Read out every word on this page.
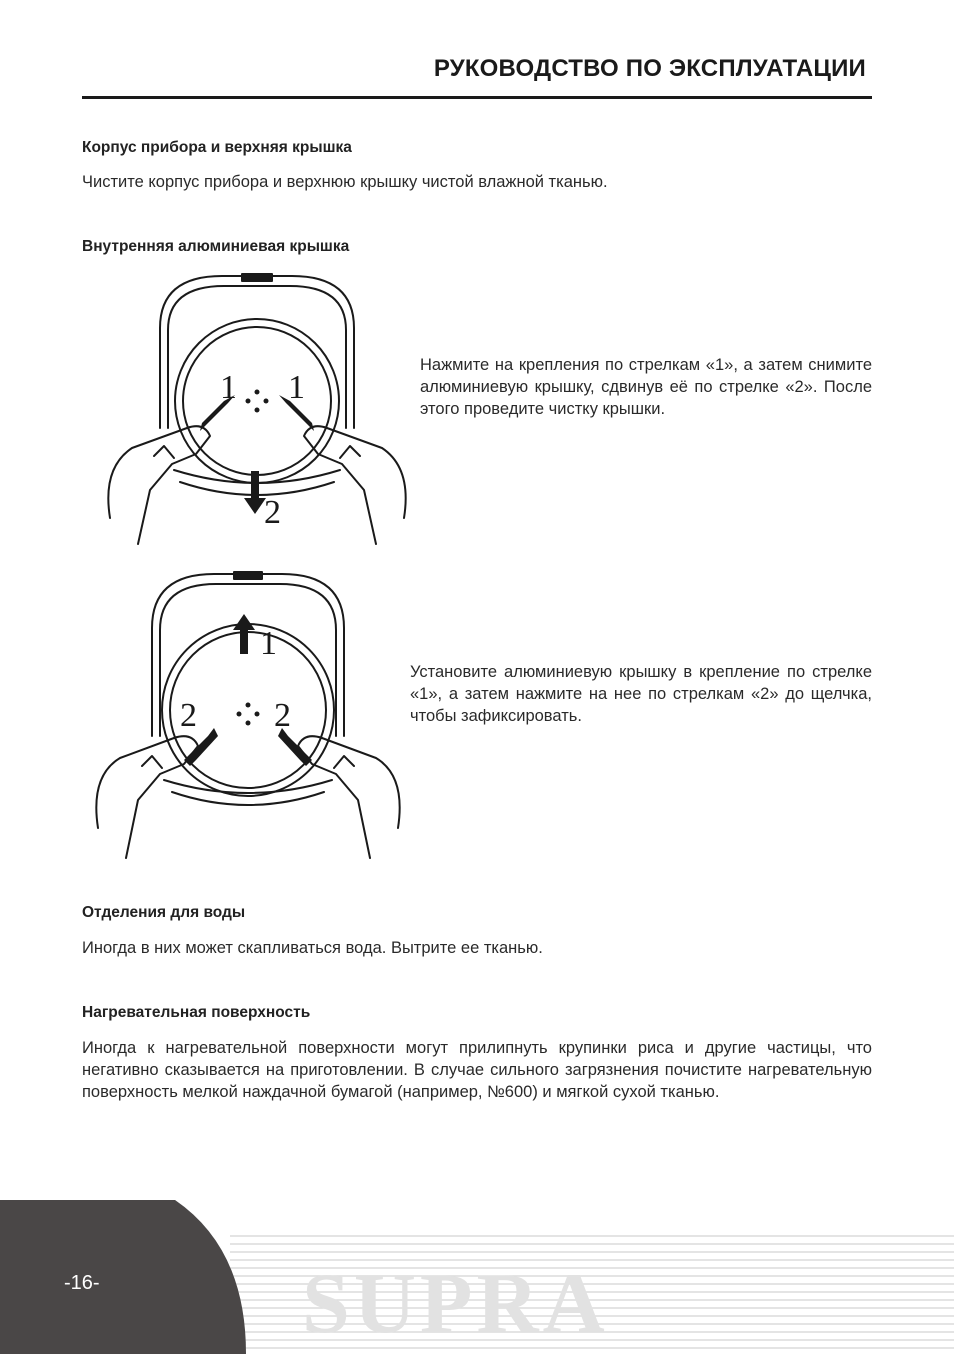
РУКОВОДСТВО ПО ЭКСПЛУАТАЦИИ
Корпус прибора и верхняя крышка
Чистите корпус прибора и верхнюю крышку чистой влажной тканью.
Внутренняя алюминиевая крышка
1 1
2
Нажмите на крепления по стрелкам «1», а затем снимите алюминиевую крышку, сдвинув её по стрелке «2». После этого проведите чистку крышки.
1
2 2
Установите алюминиевую крышку в крепление по стрелке «1», а затем нажмите на нее по стрелкам «2» до щелчка, чтобы зафиксировать.
Отделения для воды
Иногда в них может скапливаться вода. Вытрите ее тканью.
Нагревательная поверхность
Иногда к нагревательной поверхности могут прилипнуть крупинки риса и другие частицы, что негативно сказывается на приготовлении. В случае сильного загрязнения почистите нагревательную поверхность мелкой наждачной бумагой (например, №600) и мягкой сухой тканью.
SUPRA
-16-
